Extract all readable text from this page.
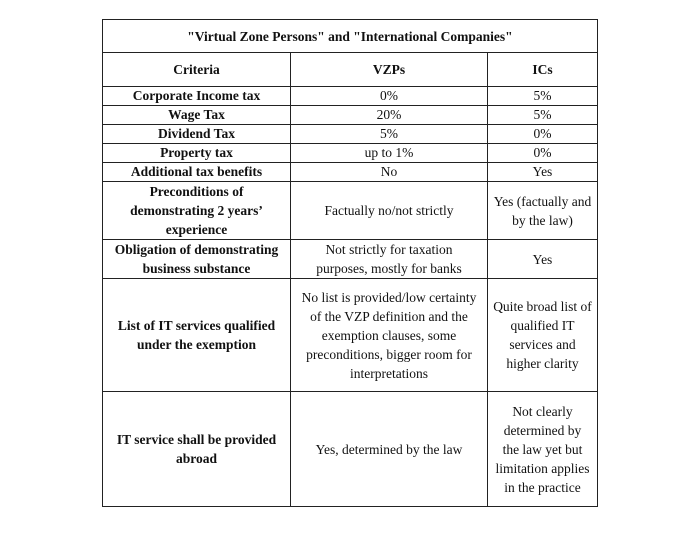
"Virtual Zone Persons" and "International Companies"		
Criteria	VZPs	ICs
Corporate Income tax	0%	5%
Wage Tax	20%	5%
Dividend Tax	5%	0%
Property tax	up to 1%	0%
Additional tax benefits	No	Yes
Preconditions of demonstrating 2 years’ experience	Factually no/not strictly	Yes (factually and by the law)
Obligation of demonstrating business substance	Not strictly for taxation purposes, mostly for banks	Yes
List of IT services qualified under the exemption	No list is provided/low certainty of the VZP definition and the exemption clauses, some preconditions, bigger room for interpretations	Quite broad list of qualified IT services and higher clarity
IT service shall be provided abroad	Yes, determined by the law	Not clearly determined by the law yet but limitation applies in the practice
